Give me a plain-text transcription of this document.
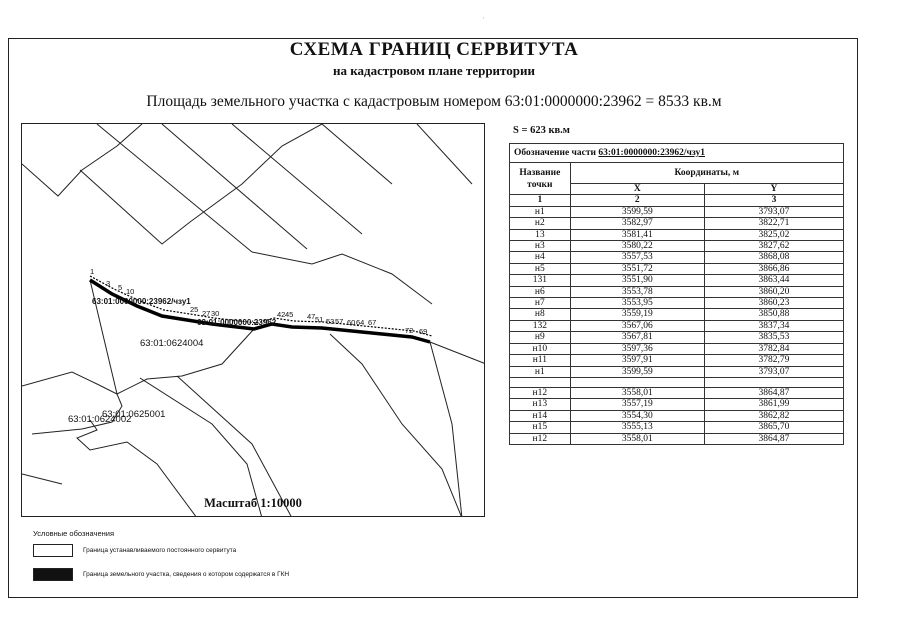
·
СХЕМА ГРАНИЦ СЕРВИТУТА
на кадастровом плане территории
Площадь земельного участка с кадастровым номером 63:01:0000000:23962 = 8533 кв.м
1
3 5 10
25 27 30	42 45 47 51 53 57 60 64 67
72 69
63:01:0000000:23962/чзу1
63:01:0000000:23962
63:01:0624004
63:01:0624002
63:01:0625001
Масштаб 1:10000
S = 623 кв.м
Обозначение части 63:01:0000000:23962/чзу1		
Название точки	Координаты, м	
	X	Y
1	2	3
н1	3599,59	3793,07
н2	3582,97	3822,71
13	3581,41	3825,02
н3	3580,22	3827,62
н4	3557,53	3868,08
н5	3551,72	3866,86
131	3551,90	3863,44
н6	3553,78	3860,20
н7	3553,95	3860,23
н8	3559,19	3850,88
132	3567,06	3837,34
н9	3567,81	3835,53
н10	3597,36	3782,84
н11	3597,91	3782,79
н1	3599,59	3793,07

н12	3558,01	3864,87
н13	3557,19	3861,99
н14	3554,30	3862,82
н15	3555,13	3865,70
н12	3558,01	3864,87
Условные обозначения
Граница устанавливаемого постоянного сервитута
Граница земельного участка, сведения о котором содержатся в ГКН
